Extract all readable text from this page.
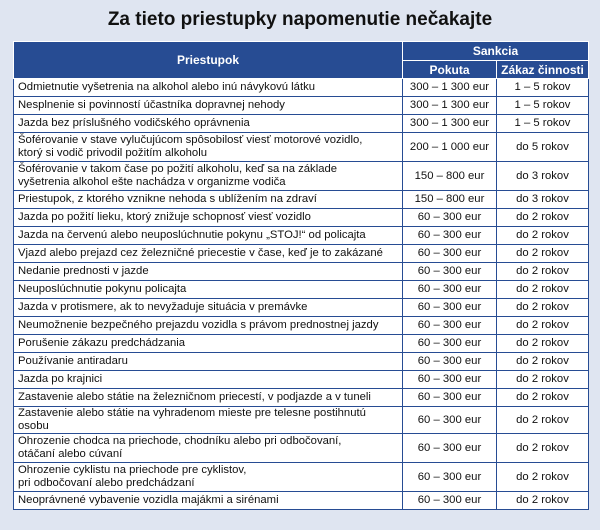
Za tieto priestupky napomenutie nečakajte
Priestupok	Sankcia	
	Pokuta	Zákaz činnosti
Odmietnutie vyšetrenia na alkohol alebo inú návykovú látku	300 – 1 300 eur	1 – 5 rokov
Nesplnenie si povinností účastníka dopravnej nehody	300 – 1 300 eur	1 – 5 rokov
Jazda bez príslušného vodičského oprávnenia	300 – 1 300 eur	1 – 5 rokov
Šoférovanie v stave vylučujúcom spôsobilosť viesť motorové vozidlo,
ktorý si vodič privodil požitím alkoholu	200 – 1 000 eur	do 5 rokov
Šoférovanie v takom čase po požití alkoholu, keď sa na základe
vyšetrenia alkohol ešte nachádza v organizme vodiča	150 – 800 eur	do 3 rokov
Priestupok, z ktorého vznikne nehoda s ublížením na zdraví	150 – 800 eur	do 3 rokov
Jazda po požití lieku, ktorý znižuje schopnosť viesť vozidlo	60 – 300 eur	do 2 rokov
Jazda na červenú alebo neuposlúchnutie pokynu „STOJ!“ od policajta	60 – 300 eur	do 2 rokov
Vjazd alebo prejazd cez železničné priecestie v čase, keď je to zakázané	60 – 300 eur	do 2 rokov
Nedanie prednosti v jazde	60 – 300 eur	do 2 rokov
Neuposlúchnutie pokynu policajta	60 – 300 eur	do 2 rokov
Jazda v protismere, ak to nevyžaduje situácia v premávke	60 – 300 eur	do 2 rokov
Neumožnenie bezpečného prejazdu vozidla s právom prednostnej jazdy	60 – 300 eur	do 2 rokov
Porušenie zákazu predchádzania	60 – 300 eur	do 2 rokov
Používanie antiradaru	60 – 300 eur	do 2 rokov
Jazda po krajnici	60 – 300 eur	do 2 rokov
Zastavenie alebo státie na železničnom priecestí, v podjazde a v tuneli	60 – 300 eur	do 2 rokov
Zastavenie alebo státie na vyhradenom mieste pre telesne postihnutú osobu	60 – 300 eur	do 2 rokov
Ohrozenie chodca na priechode, chodníku alebo pri odbočovaní,
otáčaní alebo cúvaní	60 – 300 eur	do 2 rokov
Ohrozenie cyklistu na priechode pre cyklistov,
pri odbočovaní alebo predchádzaní	60 – 300 eur	do 2 rokov
Neoprávnené vybavenie vozidla majákmi a sirénami	60 – 300 eur	do 2 rokov
